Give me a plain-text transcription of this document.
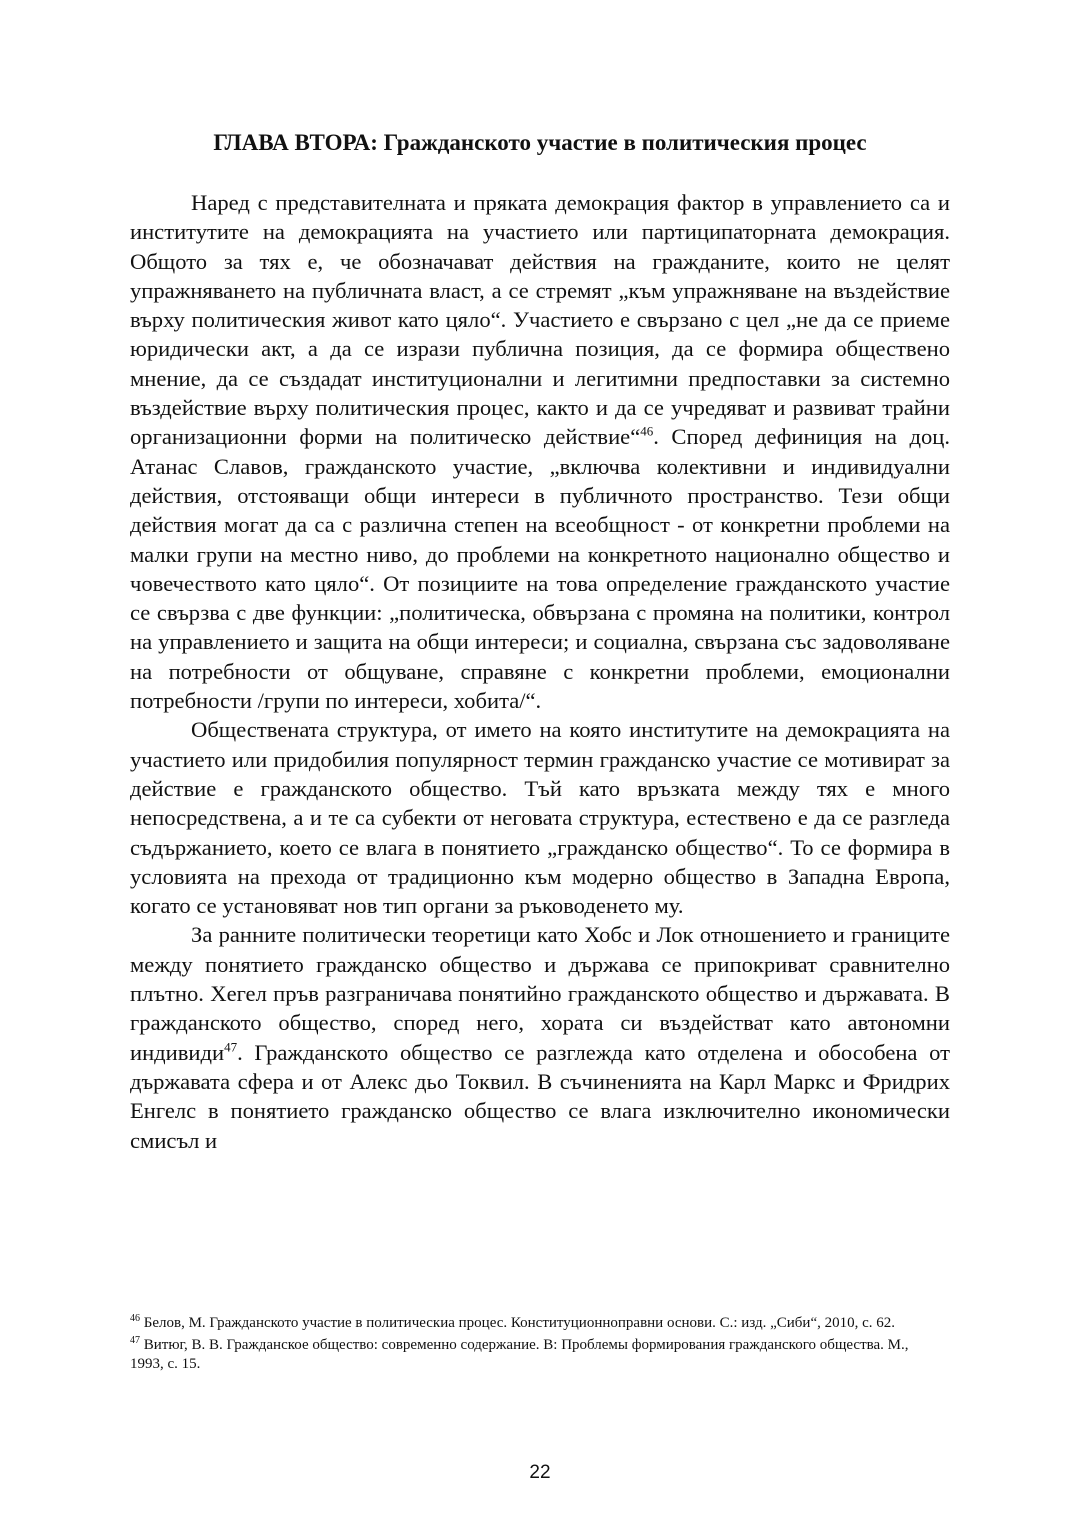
ГЛАВА ВТОРА: Гражданското участие в политическия процес

Наред с представителната и пряката демокрация фактор в управлението са и институтите на демокрацията на участието или партиципаторната демокрация. Общото за тях е, че обозначават действия на гражданите, които не целят упражняването на публичната власт, а се стремят „към упражняване на въздействие върху политическия живот като цяло“. Участието е свързано с цел „не да се приеме юридически акт, а да се изрази публична позиция, да се формира обществено мнение, да се създадат институционални и легитимни предпоставки за системно въздействие върху политическия процес, както и да се учредяват и развиват трайни организационни форми на политическо действие“$^{46}$. Според дефиниция на доц. Атанас Славов, гражданското участие, „включва колективни и индивидуални действия, отстояващи общи интереси в публичното пространство. Тези общи действия могат да са с различна степен на всеобщност - от конкретни проблеми на малки групи на местно ниво, до проблеми на конкретното национално общество и човечеството като цяло“. От позициите на това определение гражданското участие се свързва с две функции: „политическа, обвързана с промяна на политики, контрол на управлението и защита на общи интереси; и социална, свързана със задоволяване на потребности от общуване, справяне с конкретни проблеми, емоционални потребности /групи по интереси, хобита/“.

Обществената структура, от името на която институтите на демокрацията на участието или придобилия популярност термин гражданско участие се мотивират за действие е гражданското общество. Тъй като връзката между тях е много непосредствена, а и те са субекти от неговата структура, естествено е да се разгледа съдържанието, което се влага в понятието „гражданско общество“. То се формира в условията на прехода от традиционно към модерно общество в Западна Европа, когато се установяват нов тип органи за ръководенето му.

За ранните политически теоретици като Хобс и Лок отношението и границите между понятието гражданско общество и държава се припокриват сравнително плътно. Хегел пръв разграничава понятийно гражданското общество и държавата. В гражданското общество, според него, хората си въздействат като автономни индивиди$^{47}$. Гражданското общество се разглежда като отделена и обособена от държавата сфера и от Алекс дьо Токвил. В съчиненията на Карл Маркс и Фридрих Енгелс в понятието гражданско общество се влага изключително икономически смисъл и

$^{46}$ Белов, М. Гражданското участие в политическиа процес. Конституционноправни основи. С.: изд. „Сиби“, 2010, с. 62.

$^{47}$ Витюг, В. В. Гражданское общество: современно содержание. В: Проблемы формирования гражданского общества. М., 1993, с. 15.

22
